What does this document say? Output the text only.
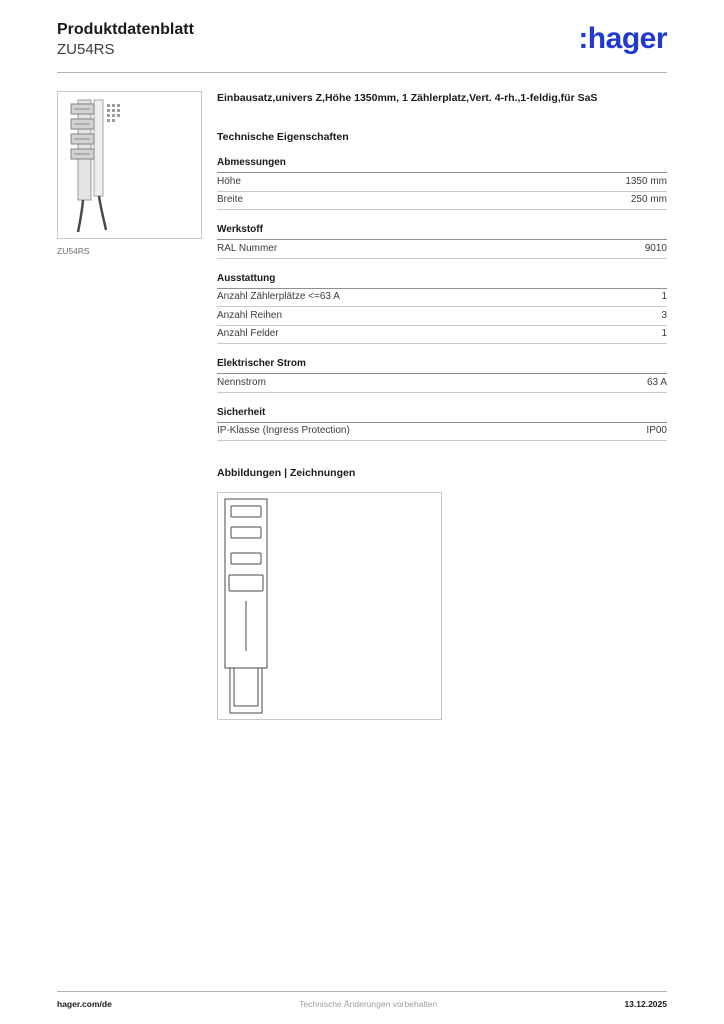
Produktdatenblatt
ZU54RS	:hager
ZU54RS
Einbausatz,univers Z,Höhe 1350mm, 1 Zählerplatz,Vert. 4-rh.,1-feldig,für SaS
Technische Eigenschaften
Abmessungen
Höhe	1350 mm
Breite	250 mm
Werkstoff
RAL Nummer	9010
Ausstattung
Anzahl Zählerplätze <=63 A	1
Anzahl Reihen	3
Anzahl Felder	1
Elektrischer Strom
Nennstrom	63 A
Sicherheit
IP-Klasse (Ingress Protection)	IP00
Abbildungen | Zeichnungen
hager.com/de	Technische Änderungen vorbehalten	13.12.2025
